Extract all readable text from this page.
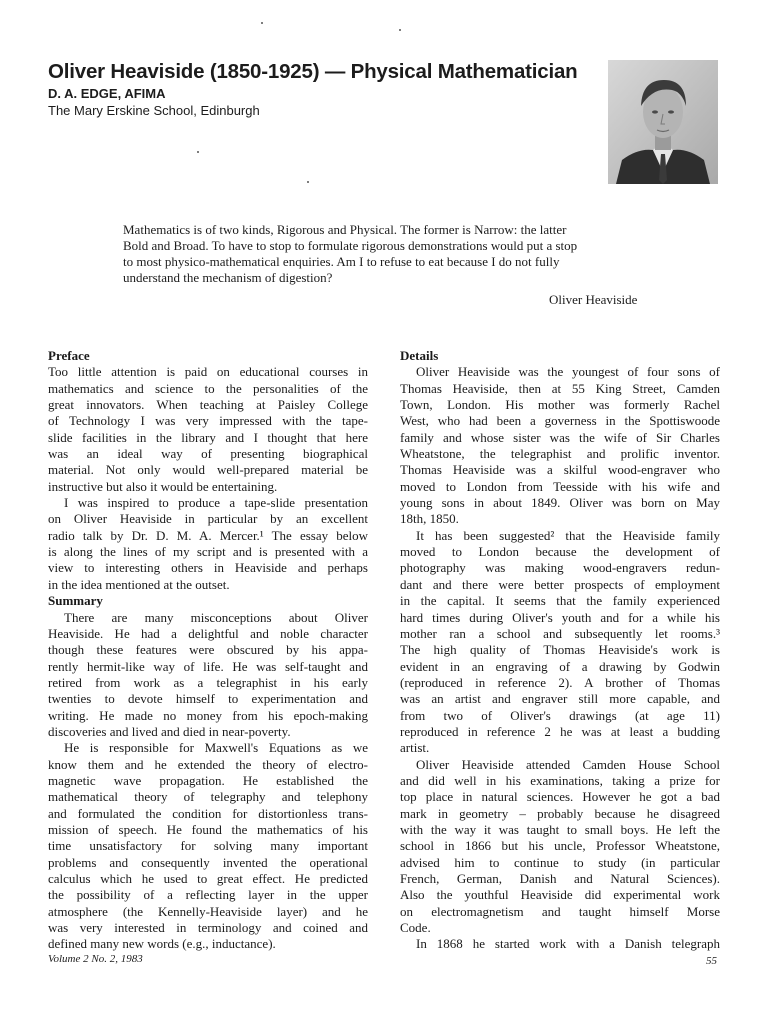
Oliver Heaviside (1850-1925) — Physical Mathematician
D. A. EDGE, AFIMA
The Mary Erskine School, Edinburgh

Mathematics is of two kinds, Rigorous and Physical. The former is Narrow: the latter

Bold and Broad. To have to stop to formulate rigorous demonstrations would put a stop

to most physico-mathematical enquiries. Am I to refuse to eat because I do not fully

understand the mechanism of digestion?

Oliver Heaviside
Preface
Too little attention is paid on educational courses in
mathematics and science to the personalities of the
great innovators. When teaching at Paisley College
of Technology I was very impressed with the tape-
slide facilities in the library and I thought that here
was an ideal way of presenting biographical
material. Not only would well-prepared material be
instructive but also it would be entertaining.
I was inspired to produce a tape-slide presentation
on Oliver Heaviside in particular by an excellent
radio talk by Dr. D. M. A. Mercer.¹ The essay below
is along the lines of my script and is presented with a
view to interesting others in Heaviside and perhaps
in the idea mentioned at the outset.
Summary
There are many misconceptions about Oliver
Heaviside. He had a delightful and noble character
though these features were obscured by his appa-
rently hermit-like way of life. He was self-taught and
retired from work as a telegraphist in his early
twenties to devote himself to experimentation and
writing. He made no money from his epoch-making
discoveries and lived and died in near-poverty.
He is responsible for Maxwell's Equations as we
know them and he extended the theory of electro-
magnetic wave propagation. He established the
mathematical theory of telegraphy and telephony
and formulated the condition for distortionless trans-
mission of speech. He found the mathematics of his
time unsatisfactory for solving many important
problems and consequently invented the operational
calculus which he used to great effect. He predicted
the possibility of a reflecting layer in the upper
atmosphere (the Kennelly-Heaviside layer) and he
was very interested in terminology and coined and
defined many new words (e.g., inductance).
Details
Oliver Heaviside was the youngest of four sons of
Thomas Heaviside, then at 55 King Street, Camden
Town, London. His mother was formerly Rachel
West, who had been a governess in the Spottiswoode
family and whose sister was the wife of Sir Charles
Wheatstone, the telegraphist and prolific inventor.
Thomas Heaviside was a skilful wood-engraver who
moved to London from Teesside with his wife and
young sons in about 1849. Oliver was born on May
18th, 1850.
It has been suggested² that the Heaviside family
moved to London because the development of
photography was making wood-engravers redun-
dant and there were better prospects of employment
in the capital. It seems that the family experienced
hard times during Oliver's youth and for a while his
mother ran a school and subsequently let rooms.³
The high quality of Thomas Heaviside's work is
evident in an engraving of a drawing by Godwin
(reproduced in reference 2). A brother of Thomas
was an artist and engraver still more capable, and
from two of Oliver's drawings (at age 11)
reproduced in reference 2 he was at least a budding
artist.
Oliver Heaviside attended Camden House School
and did well in his examinations, taking a prize for
top place in natural sciences. However he got a bad
mark in geometry – probably because he disagreed
with the way it was taught to small boys. He left the
school in 1866 but his uncle, Professor Wheatstone,
advised him to continue to study (in particular
French, German, Danish and Natural Sciences).
Also the youthful Heaviside did experimental work
on electromagnetism and taught himself Morse
Code.
In 1868 he started work with a Danish telegraph
Volume 2 No. 2, 1983	55
